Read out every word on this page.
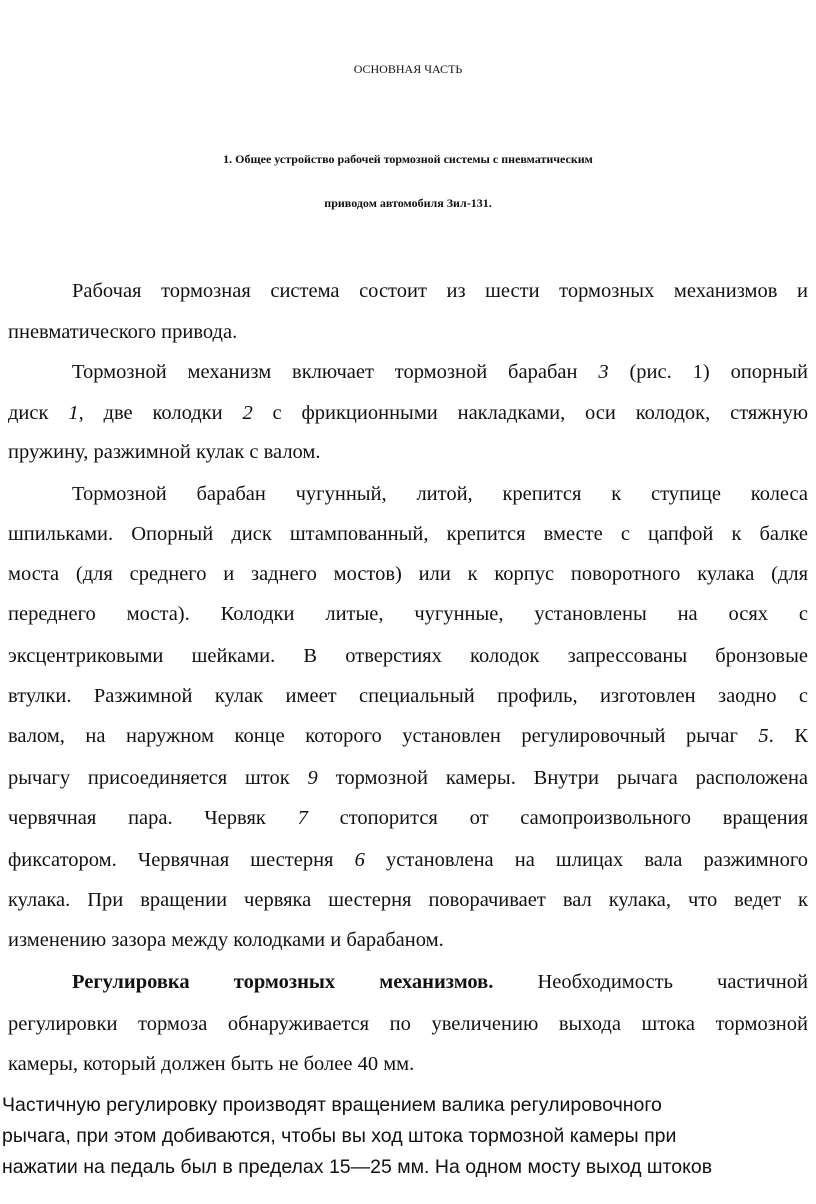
ОСНОВНАЯ ЧАСТЬ
1. Общее устройство рабочей тормозной системы с пневматическим
приводом автомобиля Зил-131.
Рабочая тормозная система состоит из шести тормозных механизмов и
пневматического привода.
Тормозной механизм включает тормозной барабан 3 (рис. 1) опорный
диск 1, две колодки 2 с фрикционными накладками, оси колодок, стяжную
пружину, разжимной кулак с валом.
Тормозной барабан чугунный, литой, крепится к ступице колеса
шпильками. Опорный диск штампованный, крепится вместе с цапфой к балке
моста (для среднего и заднего мостов) или к корпус поворотного кулака (для
переднего моста). Колодки литые, чугунные, установлены на осях с
эксцентриковыми шейками. В отверстиях колодок запрессованы бронзовые
втулки. Разжимной кулак имеет специальный профиль, изготовлен заодно с
валом, на наружном конце которого установлен регулировочный рычаг 5. К
рычагу присоединяется шток 9 тормозной камеры. Внутри рычага расположена
червячная пара. Червяк 7 стопорится от самопроизвольного вращения
фиксатором. Червячная шестерня 6 установлена на шлицах вала разжимного
кулака. При вращении червяка шестерня поворачивает вал кулака, что ведет к
изменению зазора между колодками и барабаном.
Регулировка тормозных механизмов. Необходимость частичной
регулировки тормоза обнаруживается по увеличению выхода штока тормозной
камеры, который должен быть не более 40 мм.
Частичную регулировку производят вращением валика регулировочного
рычага, при этом добиваются, чтобы вы ход штока тормозной камеры при
нажатии на педаль был в пределах 15—25 мм. На одном мосту выход штоков
